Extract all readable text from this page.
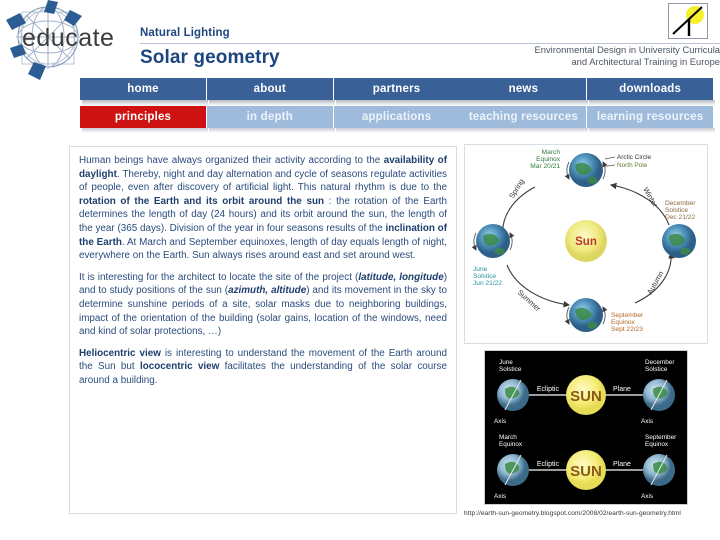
educate Natural Lighting
Solar geometry	Environmental Design in University Curricula
and Architectural Training in Europe
home
principles
about
in depth
partners
applications
news
teaching resources
downloads
learning resources

Human beings have always organized their activity according to the availability of daylight. Thereby, night and day alternation and cycle of seasons regulate activities of people, even after discovery of artificial light. This natural rhythm is due to the rotation of the Earth and its orbit around the sun : the rotation of the Earth determines the length of day (24 hours) and its orbit around the sun, the length of the year (365 days). Division of the year in four seasons results of the inclination of the Earth. At March and September equinoxes, length of day equals length of night, everywhere on the Earth. Sun always rises around east and set around west.

It is interesting for the architect to locate the site of the project (latitude, longitude) and to study positions of the sun (azimuth, altitude) and its movement in the sky to determine sunshine periods of a site, solar masks due to neighboring buildings, impact of the orientation of the building (solar gains, location of the windows, need and kind of solar protections, …)

Heliocentric view is interesting to understand the movement of the Earth around the Sun but lococentric view facilitates the understanding of the solar course around a building.

Sun
March
Equinox
Mar 20/21
Arctic Circle
North Pole
June
Solstice
Jun 21/22
September
Equinox
Sept 22/23
December
Solstice
Dec 21/22
Spring
Summer
Autumn
Winter
SUN
Ecliptic	Plane
June
Solstice
Axis
December
Solstice
Axis
SUN
Ecliptic	Plane
March
Equinox
Axis
September
Equinox
Axis
http://earth-sun-geometry.blogspot.com/2008/02/earth-sun-geometry.html
